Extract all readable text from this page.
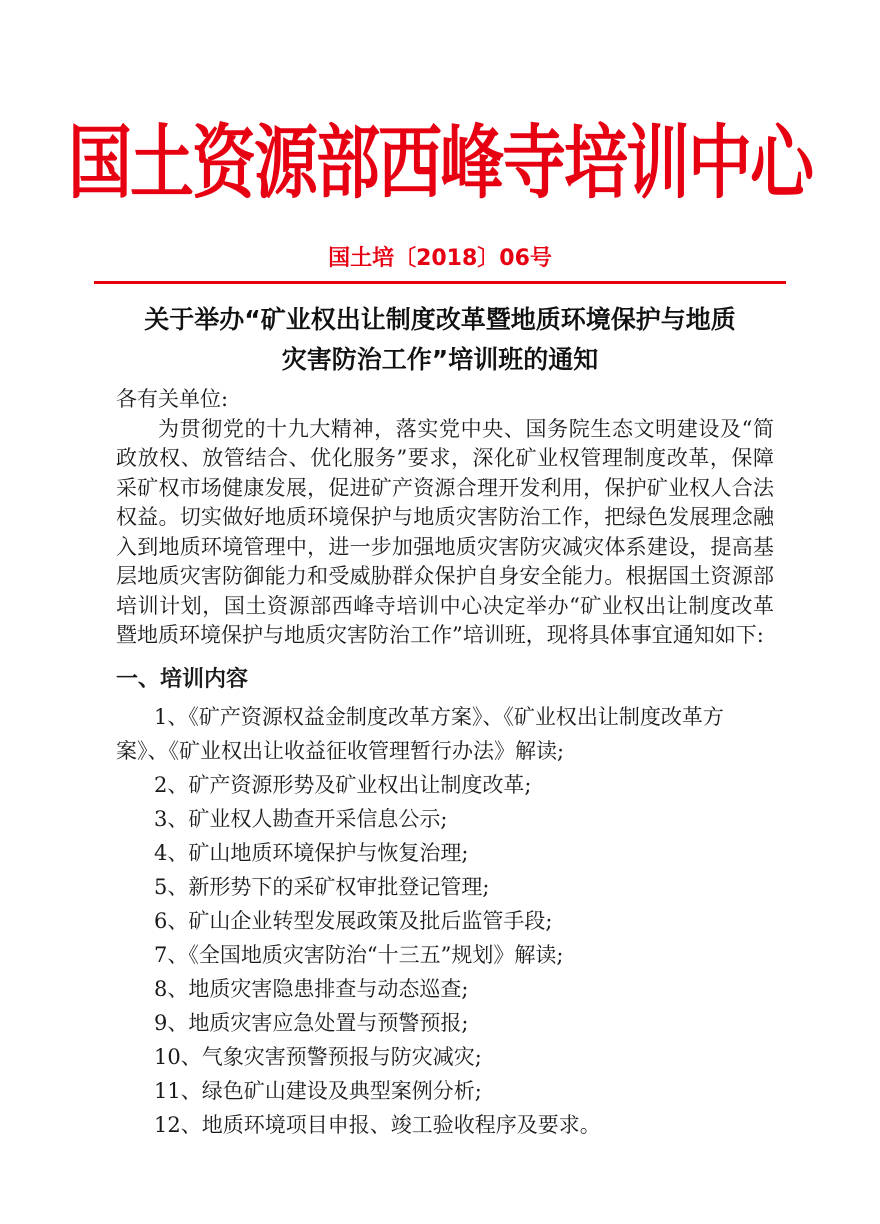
国土资源部西峰寺培训中心
国土培〔2018〕06号
关于举办“矿业权出让制度改革暨地质环境保护与地质
灾害防治工作”培训班的通知

各有关单位:

为贯彻党的十九大精神，落实党中央、国务院生态文明建设及“简政放权、放管结合、优化服务”要求，深化矿业权管理制度改革，保障采矿权市场健康发展，促进矿产资源合理开发利用，保护矿业权人合法权益。切实做好地质环境保护与地质灾害防治工作，把绿色发展理念融入到地质环境管理中，进一步加强地质灾害防灾减灾体系建设，提高基层地质灾害防御能力和受威胁群众保护自身安全能力。根据国土资源部培训计划，国土资源部西峰寺培训中心决定举办“矿业权出让制度改革暨地质环境保护与地质灾害防治工作”培训班，现将具体事宜通知如下:

一、培训内容

1、《矿产资源权益金制度改革方案》、《矿业权出让制度改革方案》、《矿业权出让收益征收管理暂行办法》解读;

2、矿产资源形势及矿业权出让制度改革;

3、矿业权人勘查开采信息公示;

4、矿山地质环境保护与恢复治理;

5、新形势下的采矿权审批登记管理;

6、矿山企业转型发展政策及批后监管手段;

7、《全国地质灾害防治“十三五”规划》解读;

8、地质灾害隐患排查与动态巡查;

9、地质灾害应急处置与预警预报;

10、气象灾害预警预报与防灾减灾;

11、绿色矿山建设及典型案例分析;

12、地质环境项目申报、竣工验收程序及要求。
